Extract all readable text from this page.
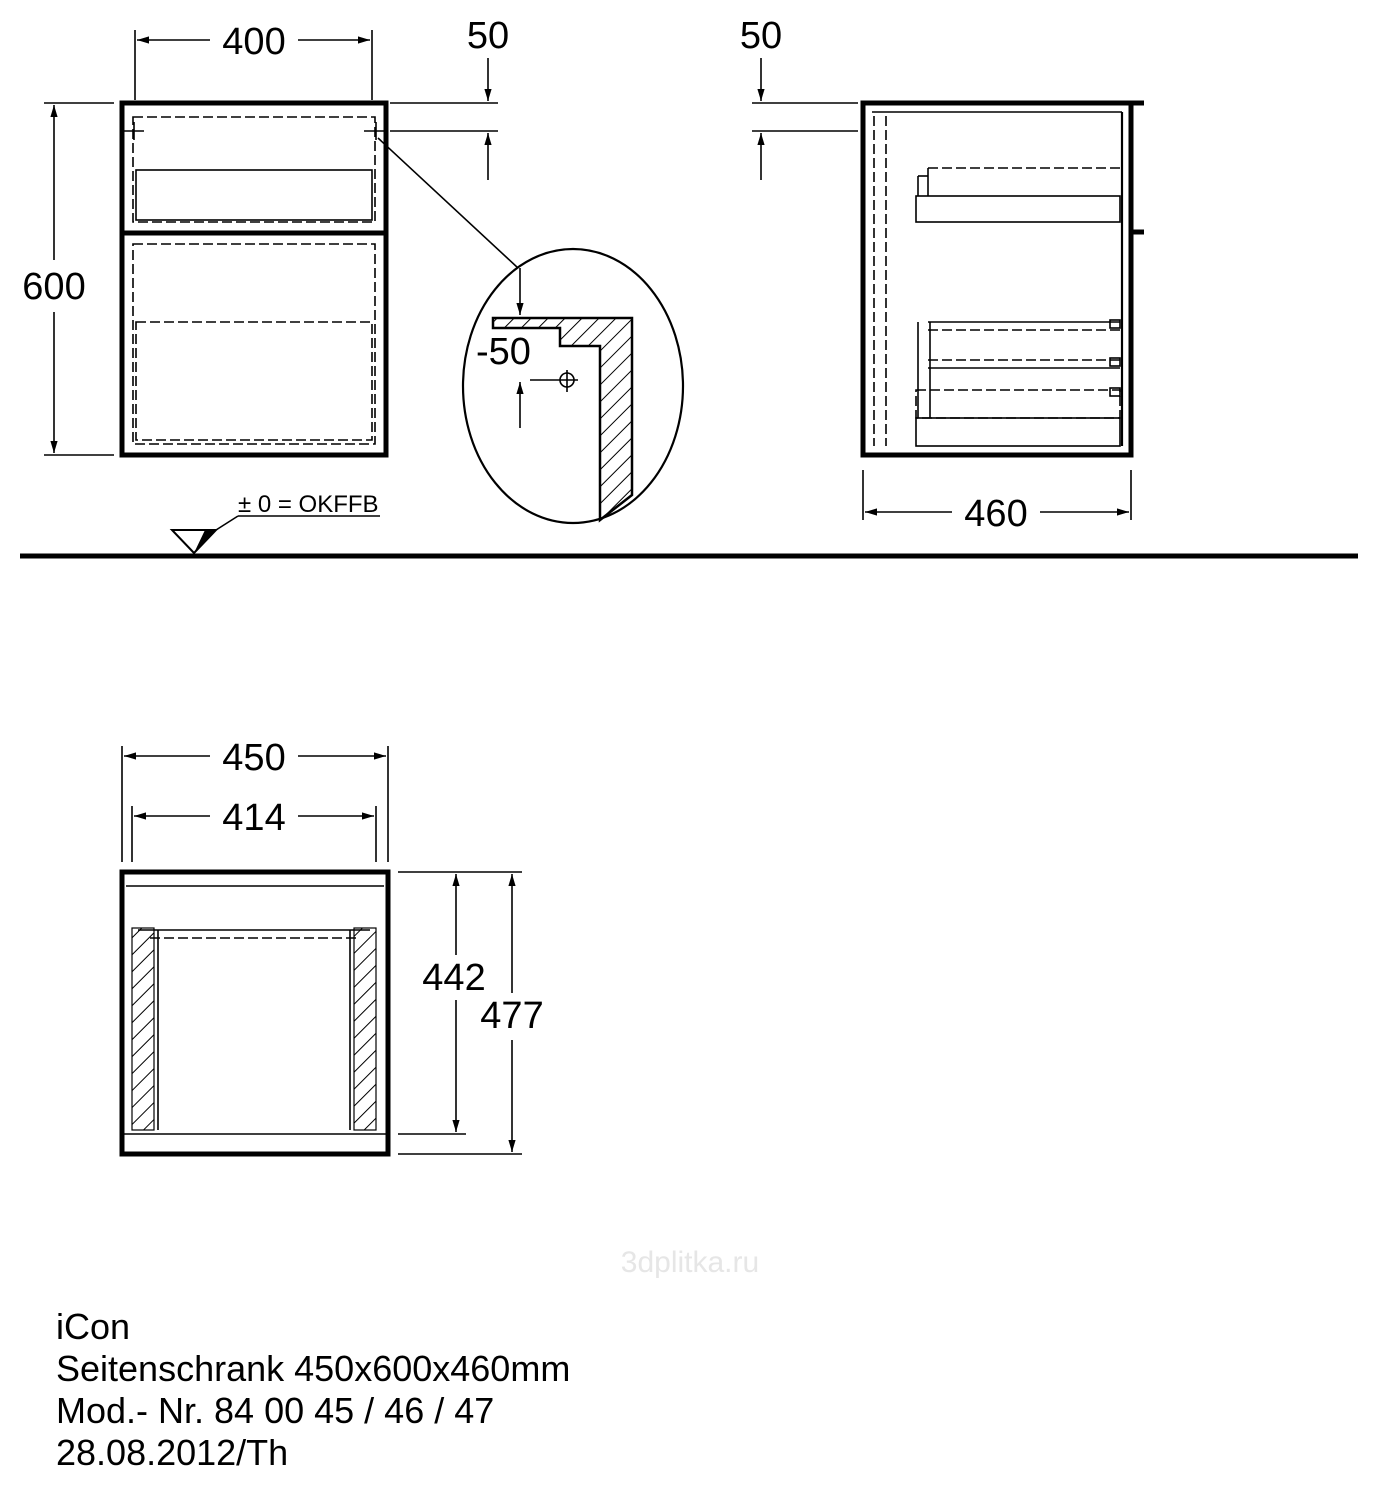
400	50
600
-50
50
460
± 0 = OKFFB
450
414
442
477
3dplitka.ru
iCon
Seitenschrank 450x600x460mm
Mod.- Nr. 84 00 45 / 46 / 47
28.08.2012/Th
